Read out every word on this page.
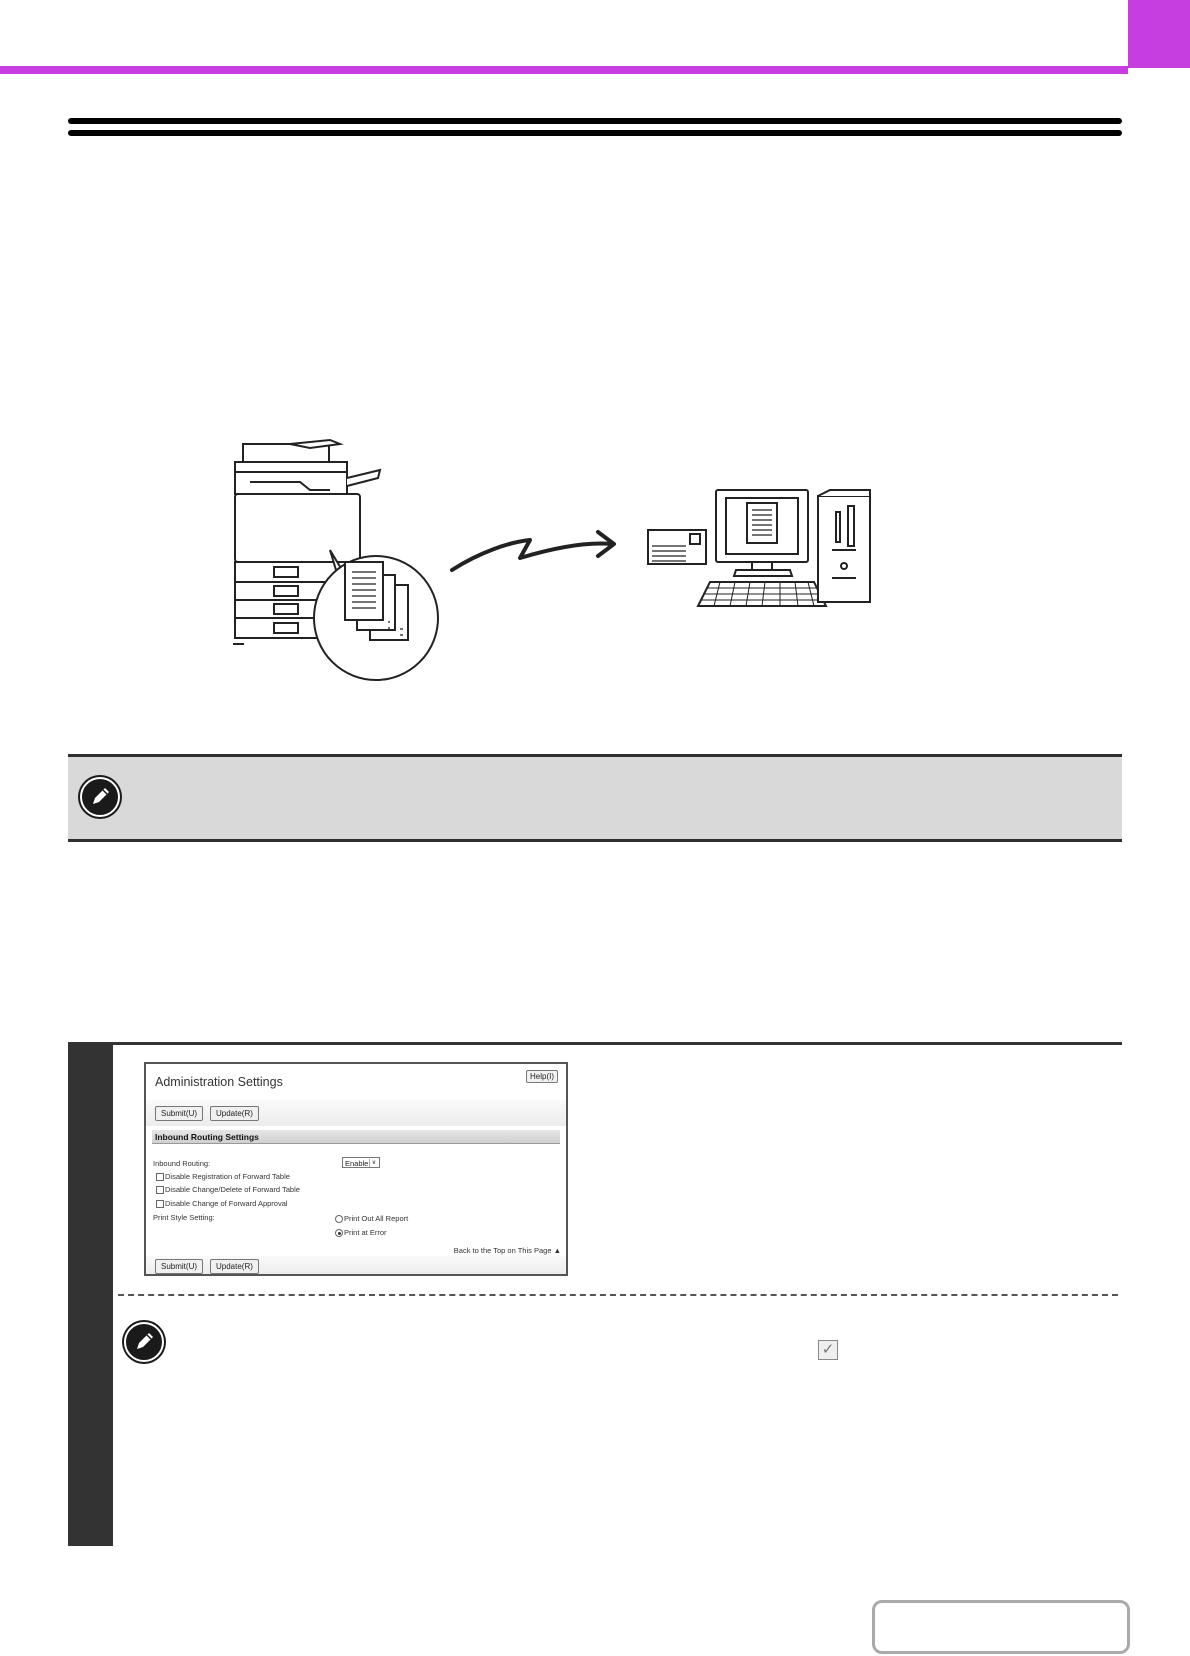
Administration Settings	Help(I)
Submit(U)	Update(R)
Inbound Routing Settings
Inbound Routing:	Enable ∨
Disable Registration of Forward Table
Disable Change/Delete of Forward Table
Disable Change of Forward Approval
Print Style Setting:	Print Out All Report
Print at Error
Back to the Top on This Page ▲
Submit(U)	Update(R)
✓
